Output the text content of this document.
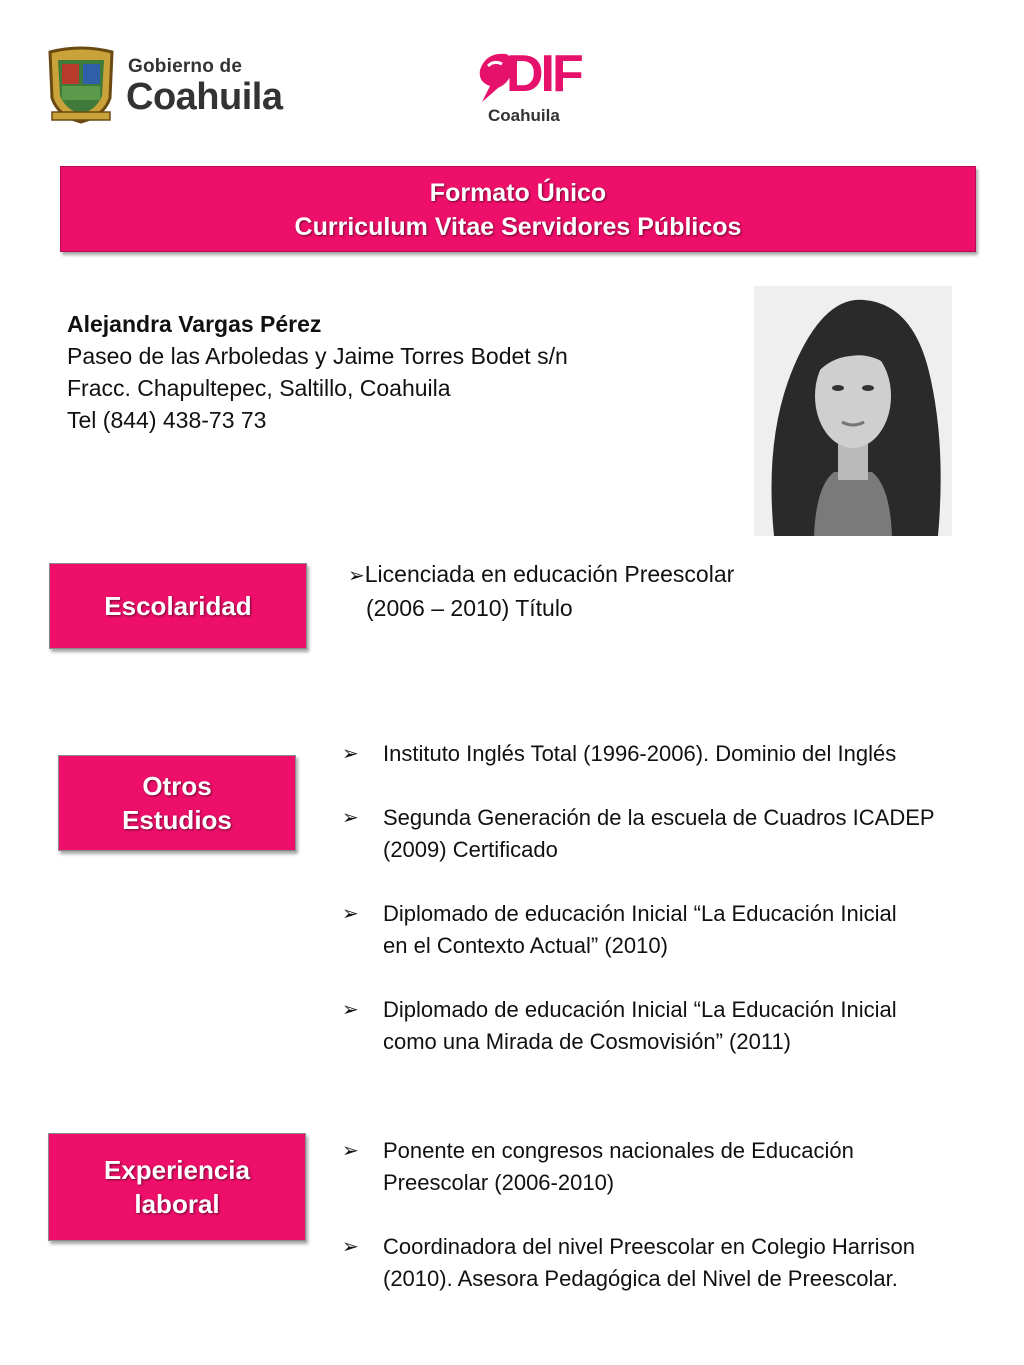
Gobierno de
Coahuila	DIF
Coahuila
Formato Único
Curriculum Vitae Servidores Públicos
Alejandra Vargas Pérez
Paseo de las Arboledas y Jaime Torres Bodet s/n
Fracc. Chapultepec, Saltillo, Coahuila
Tel (844) 438-73 73
Escolaridad
➢Licenciada en educación Preescolar
(2006 – 2010) Título
Otros
Estudios
➢ Instituto Inglés Total (1996-2006). Dominio del Inglés
➢ Segunda Generación de la escuela de Cuadros ICADEP
(2009) Certificado
➢ Diplomado de educación Inicial “La Educación Inicial
en el Contexto Actual” (2010)
➢ Diplomado de educación Inicial “La Educación Inicial
como una Mirada de Cosmovisión” (2011)
Experiencia
laboral
➢ Ponente en congresos nacionales de Educación
Preescolar (2006-2010)
➢ Coordinadora del nivel Preescolar en Colegio Harrison
(2010). Asesora Pedagógica del Nivel de Preescolar.
